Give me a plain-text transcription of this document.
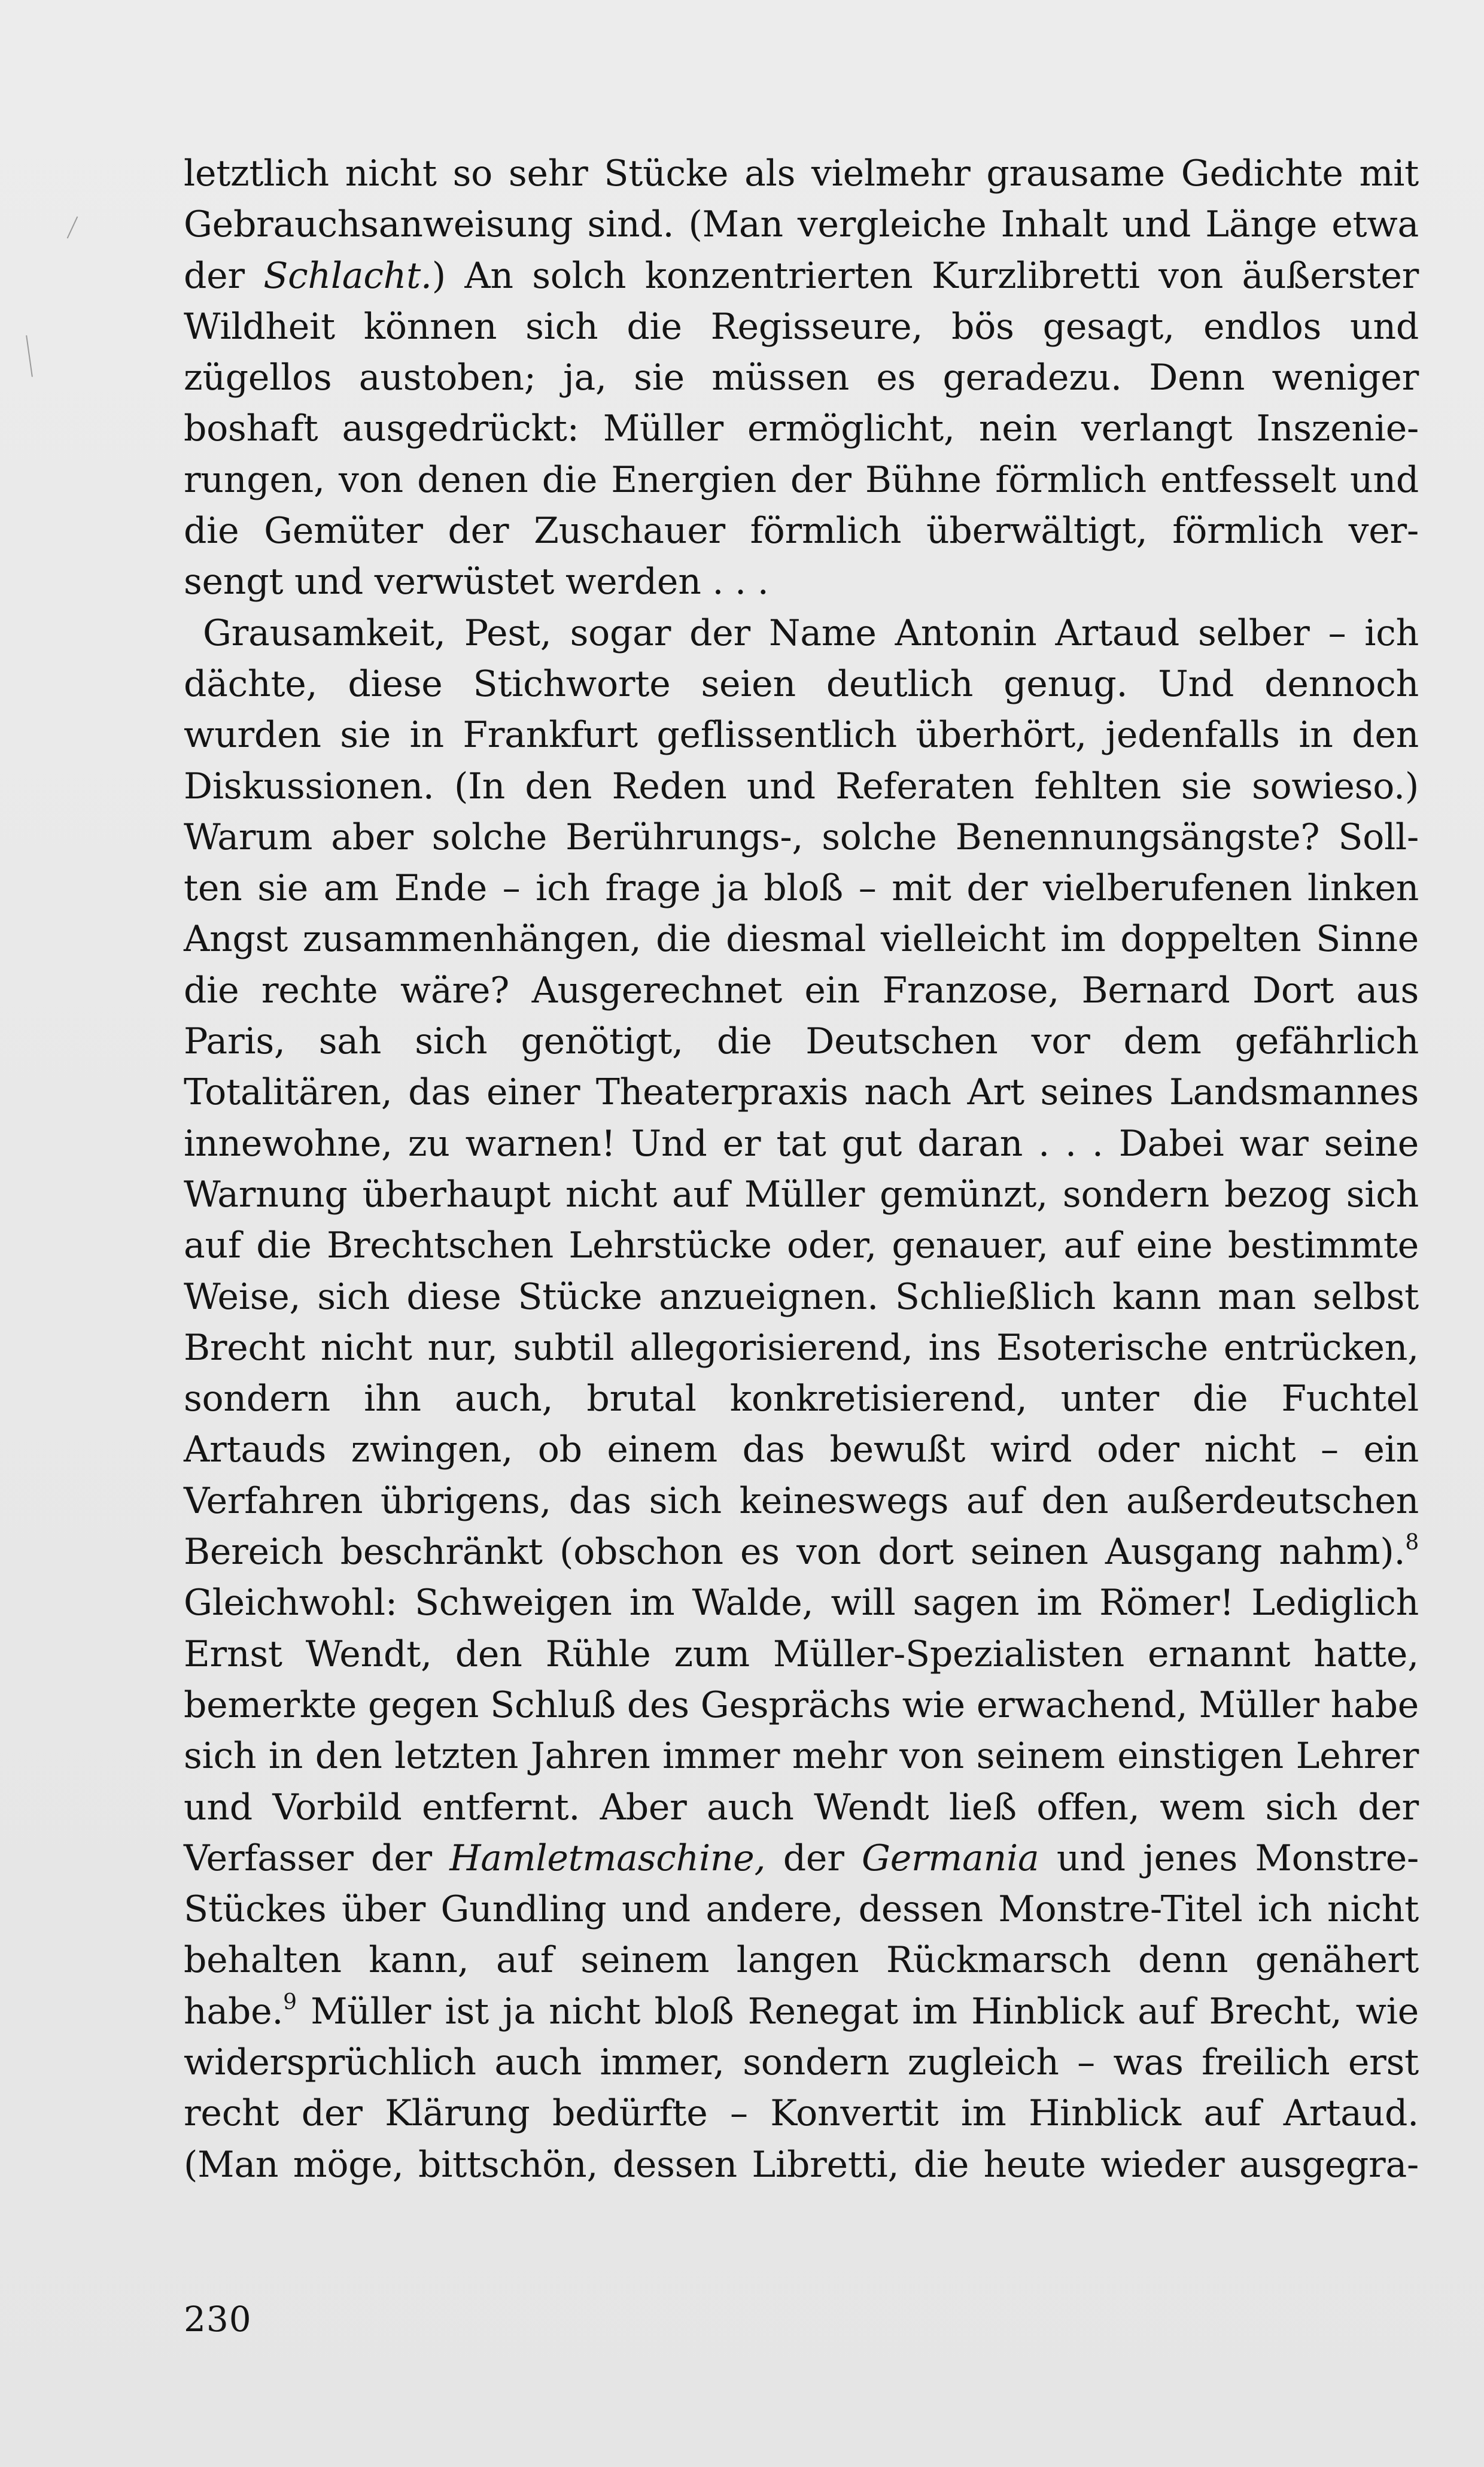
letztlich nicht so sehr Stücke als vielmehr grausame Gedichte mit
Gebrauchsanweisung sind. (Man vergleiche Inhalt und Länge etwa
der Schlacht.) An solch konzentrierten Kurzlibretti von äußerster
Wildheit können sich die Regisseure, bös gesagt, endlos und
zügellos austoben; ja, sie müssen es geradezu. Denn weniger
boshaft ausgedrückt: Müller ermöglicht, nein verlangt Inszenie-
rungen, von denen die Energien der Bühne förmlich entfesselt und
die Gemüter der Zuschauer förmlich überwältigt, förmlich ver-
sengt und verwüstet werden . . .
Grausamkeit, Pest, sogar der Name Antonin Artaud selber – ich
dächte, diese Stichworte seien deutlich genug. Und dennoch
wurden sie in Frankfurt geflissentlich überhört, jedenfalls in den
Diskussionen. (In den Reden und Referaten fehlten sie sowieso.)
Warum aber solche Berührungs-, solche Benennungsängste? Soll-
ten sie am Ende – ich frage ja bloß – mit der vielberufenen linken
Angst zusammenhängen, die diesmal vielleicht im doppelten Sinne
die rechte wäre? Ausgerechnet ein Franzose, Bernard Dort aus
Paris, sah sich genötigt, die Deutschen vor dem gefährlich
Totalitären, das einer Theaterpraxis nach Art seines Landsmannes
innewohne, zu warnen! Und er tat gut daran . . . Dabei war seine
Warnung überhaupt nicht auf Müller gemünzt, sondern bezog sich
auf die Brechtschen Lehrstücke oder, genauer, auf eine bestimmte
Weise, sich diese Stücke anzueignen. Schließlich kann man selbst
Brecht nicht nur, subtil allegorisierend, ins Esoterische entrücken,
sondern ihn auch, brutal konkretisierend, unter die Fuchtel
Artauds zwingen, ob einem das bewußt wird oder nicht – ein
Verfahren übrigens, das sich keineswegs auf den außerdeutschen
Bereich beschränkt (obschon es von dort seinen Ausgang nahm).$^8$
Gleichwohl: Schweigen im Walde, will sagen im Römer! Lediglich
Ernst Wendt, den Rühle zum Müller-Spezialisten ernannt hatte,
bemerkte gegen Schluß des Gesprächs wie erwachend, Müller habe
sich in den letzten Jahren immer mehr von seinem einstigen Lehrer
und Vorbild entfernt. Aber auch Wendt ließ offen, wem sich der
Verfasser der Hamletmaschine, der Germania und jenes Monstre-
Stückes über Gundling und andere, dessen Monstre-Titel ich nicht
behalten kann, auf seinem langen Rückmarsch denn genähert
habe.$^9$ Müller ist ja nicht bloß Renegat im Hinblick auf Brecht, wie
widersprüchlich auch immer, sondern zugleich – was freilich erst
recht der Klärung bedürfte – Konvertit im Hinblick auf Artaud.
(Man möge, bittschön, dessen Libretti, die heute wieder ausgegra-
230
